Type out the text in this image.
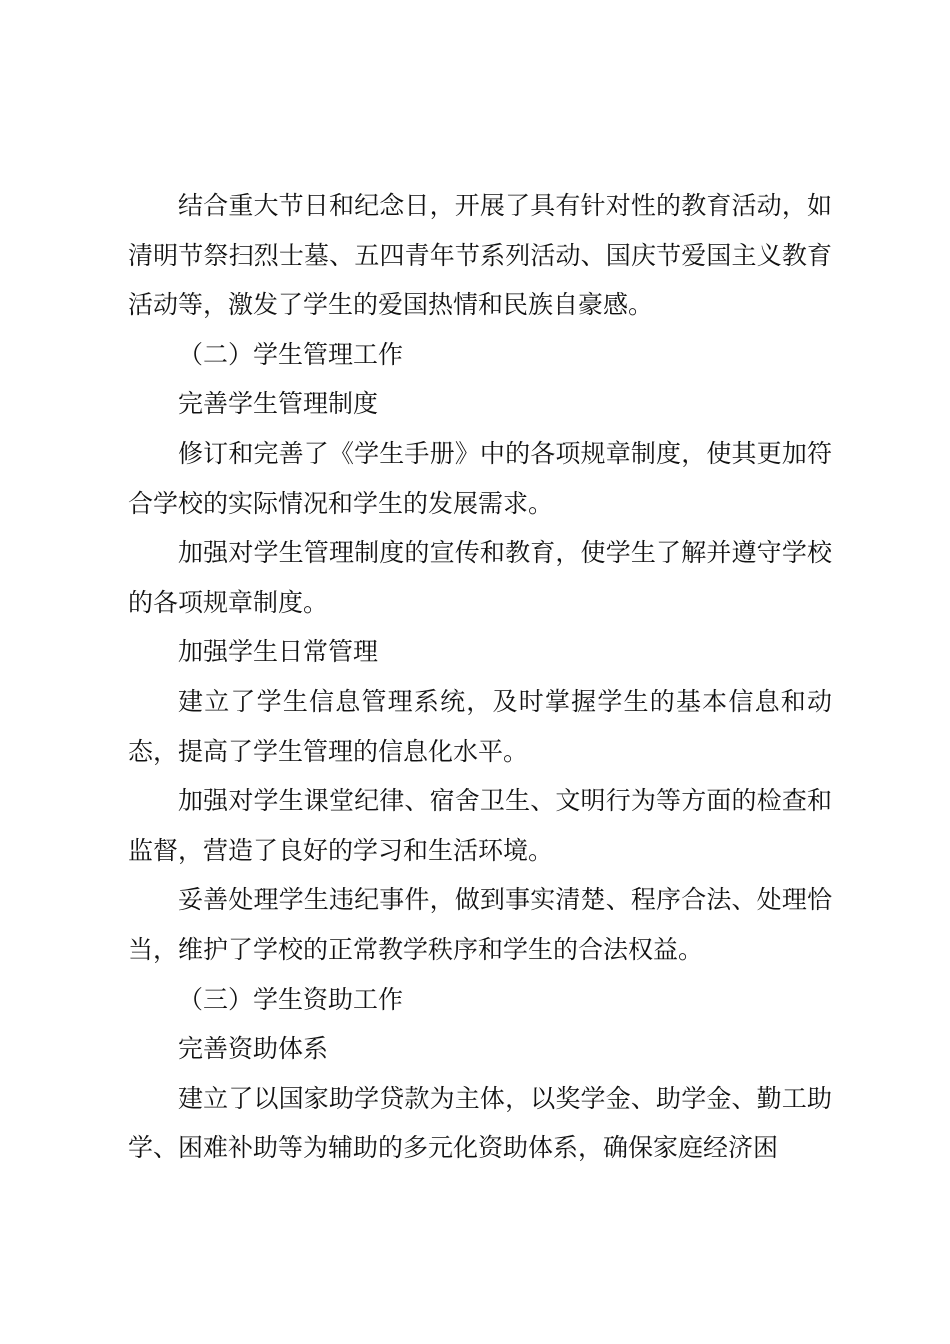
结合重大节日和纪念日，开展了具有针对性的教育活动，如清明节祭扫烈士墓、五四青年节系列活动、国庆节爱国主义教育活动等，激发了学生的爱国热情和民族自豪感。

（二）学生管理工作

完善学生管理制度

修订和完善了《学生手册》中的各项规章制度，使其更加符合学校的实际情况和学生的发展需求。

加强对学生管理制度的宣传和教育，使学生了解并遵守学校的各项规章制度。

加强学生日常管理

建立了学生信息管理系统，及时掌握学生的基本信息和动态，提高了学生管理的信息化水平。

加强对学生课堂纪律、宿舍卫生、文明行为等方面的检查和监督，营造了良好的学习和生活环境。

妥善处理学生违纪事件，做到事实清楚、程序合法、处理恰当，维护了学校的正常教学秩序和学生的合法权益。

（三）学生资助工作

完善资助体系

建立了以国家助学贷款为主体，以奖学金、助学金、勤工助学、困难补助等为辅助的多元化资助体系，确保家庭经济困
